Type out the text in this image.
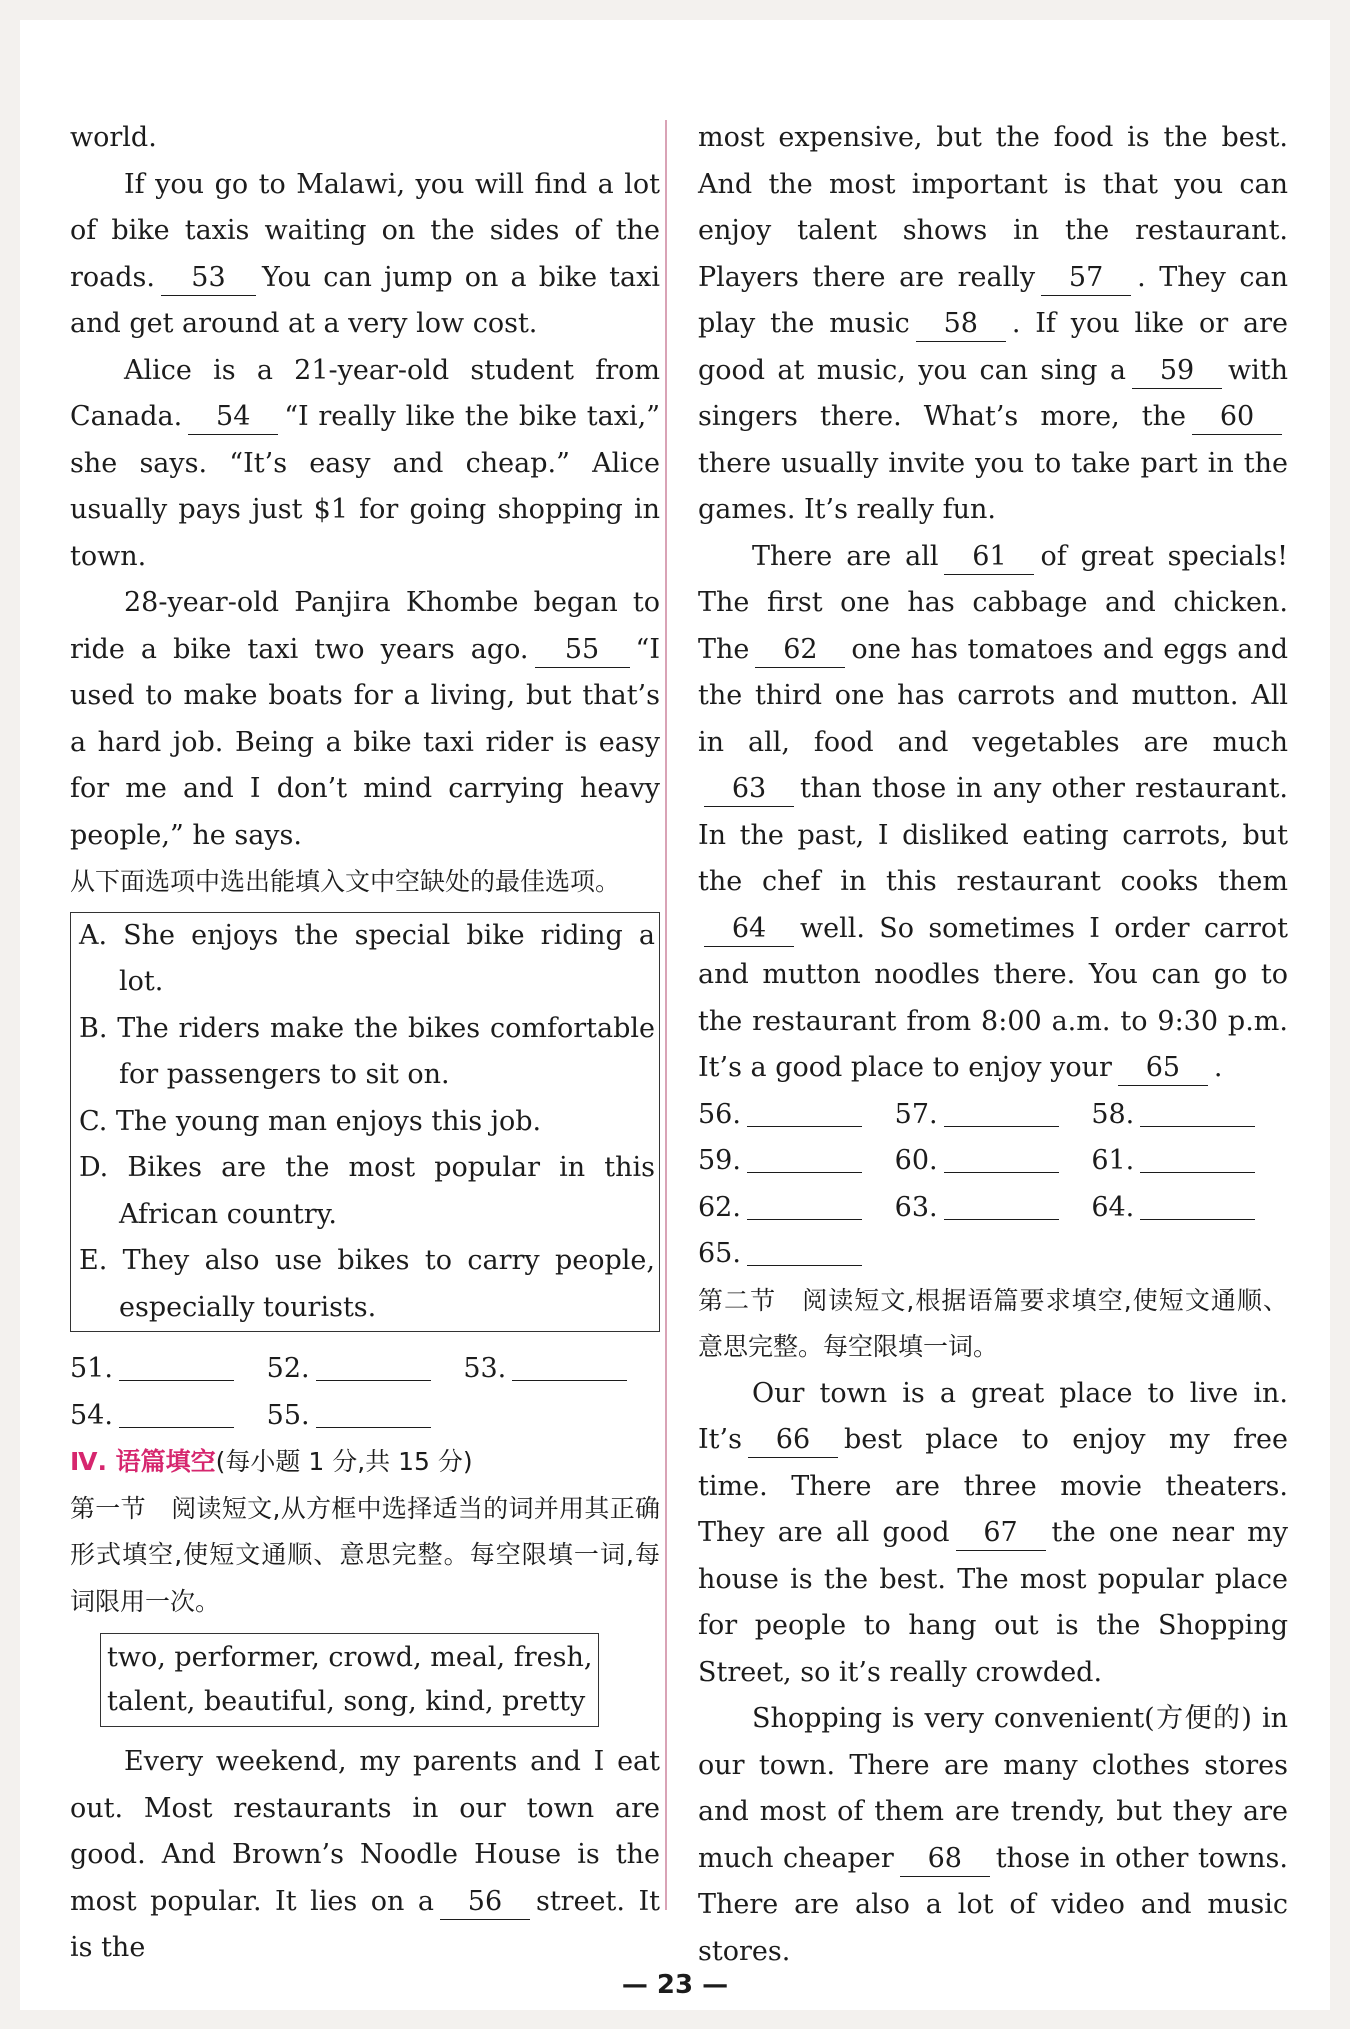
world.

If you go to Malawi, you will find a lot of bike taxis waiting on the sides of the roads. 53 You can jump on a bike taxi and get around at a very low cost.

Alice is a 21-year-old student from Canada. 54 “I really like the bike taxi,” she says. “It’s easy and cheap.” Alice usually pays just $1 for going shopping in town.

28-year-old Panjira Khombe began to ride a bike taxi two years ago. 55 “I used to make boats for a living, but that’s a hard job. Being a bike taxi rider is easy for me and I don’t mind carrying heavy people,” he says.

从下面选项中选出能填入文中空缺处的最佳选项。

A. She enjoys the special bike riding a lot.

B. The riders make the bikes comfortable for passengers to sit on.

C. The young man enjoys this job.

D. Bikes are the most popular in this African country.

E. They also use bikes to carry people, especially tourists.

51.	52.	53.
54.	55.

Ⅳ. 语篇填空(每小题 1 分,共 15 分)

第一节　阅读短文,从方框中选择适当的词并用其正确形式填空,使短文通顺、意思完整。每空限填一词,每词限用一次。

two, performer, crowd, meal, fresh,
talent, beautiful, song, kind, pretty

Every weekend, my parents and I eat out. Most restaurants in our town are good. And Brown’s Noodle House is the most popular. It lies on a 56 street. It is the

most expensive, but the food is the best. And the most important is that you can enjoy talent shows in the restaurant. Players there are really 57 . They can play the music 58 . If you like or are good at music, you can sing a 59 with singers there. What’s more, the 60there usually invite you to take part in the games. It’s really fun.

There are all 61 of great specials! The first one has cabbage and chicken. The 62 one has tomatoes and eggs and the third one has carrots and mutton. All in all, food and vegetables are much63 than those in any other restaurant. In the past, I disliked eating carrots, but the chef in this restaurant cooks them64 well. So sometimes I order carrot and mutton noodles there. You can go to the restaurant from 8:00 a.m. to 9:30 p.m. It’s a good place to enjoy your 65 .

56.	57.	58.
59.	60.	61.
62.	63.	64.
65.

第二节　阅读短文,根据语篇要求填空,使短文通顺、意思完整。每空限填一词。

Our town is a great place to live in. It’s 66 best place to enjoy my free time. There are three movie theaters. They are all good 67 the one near my house is the best. The most popular place for people to hang out is the Shopping Street, so it’s really crowded.

Shopping is very convenient(方便的) in our town. There are many clothes stores and most of them are trendy, but they are much cheaper 68 those in other towns. There are also a lot of video and music stores.

— 23 —
